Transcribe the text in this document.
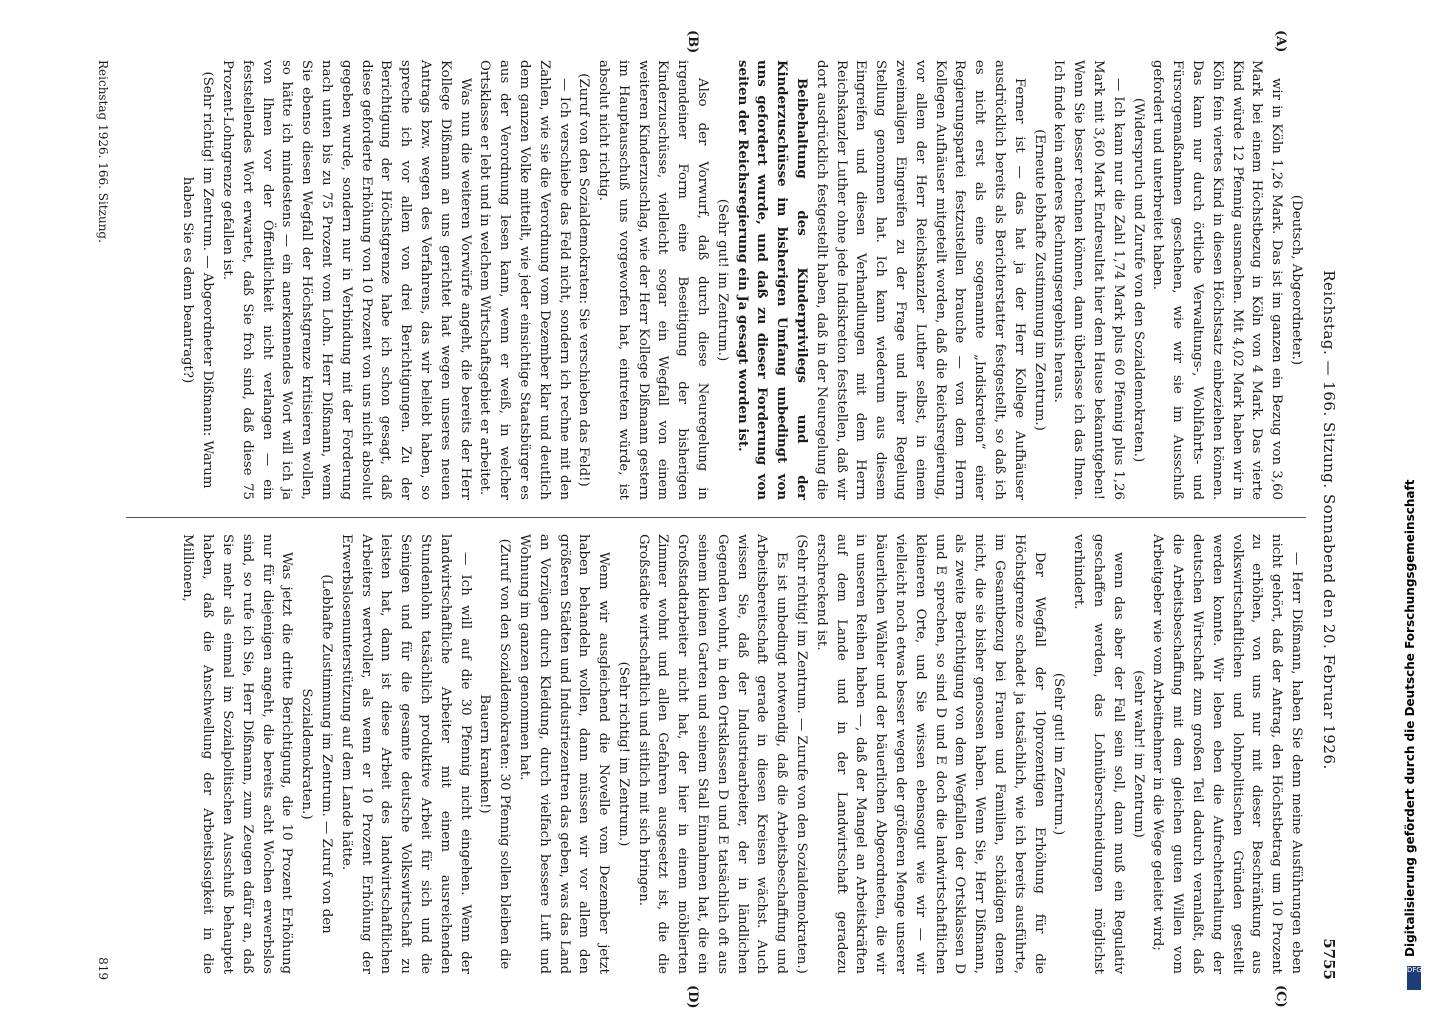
Reichstag. — 166. Sitzung. Sonnabend den 20. Februar 1926.
5755
(A)
(B)
(C)
(D)

(Deutsch, Abgeordneter.)

wir in Köln 1,26 Mark. Das ist im ganzen ein Bezug von 3,60 Mark bei einem Höchstbezug in Köln von 4 Mark. Das vierte Kind würde 12 Pfennig ausmachen. Mit 4,02 Mark haben wir in Köln fein viertes Kind in diesen Höchstsatz einbeziehen können. Das kann nur durch örtliche Verwaltungs-, Wohlfahrts- und Fürsorgemaßnahmen geschehen, wie wir sie im Ausschuß gefordert und unterbreitet haben.

(Widerspruch und Zurufe von den Sozialdemokraten.)

— Ich kann nur die Zahl 1,74 Mark plus 60 Pfennig plus 1,26 Mark mit 3,60 Mark Endresultat hier dem Hause bekanntgeben! Wenn Sie besser rechnen können, dann überlasse ich das Ihnen. Ich finde kein anderes Rechnungsergebnis heraus.

(Erneute lebhafte Zustimmung im Zentrum.)

Ferner ist — das hat ja der Herr Kollege Aufhäuser ausdrücklich bereits als Berichterstatter festgestellt, so daß ich es nicht erst als eine sogenannte „Indiskretion“ einer Regierungspartei festzustellen brauche — von dem Herrn Kollegen Aufhäuser mitgeteilt worden, daß die Reichsregierung, vor allem der Herr Reichskanzler Luther selbst, in einem zweimaligen Eingreifen zu der Frage und ihrer Regelung Stellung genommen hat. Ich kann wiederum aus diesem Eingreifen und diesen Verhandlungen mit dem Herrn Reichskanzler Luther ohne jede Indiskretion feststellen, daß wir dort ausdrücklich festgestellt haben, daß in der Neuregelung die

Beibehaltung des Kinderprivilegs und der Kinderzuschüsse im bisherigen Umfang unbedingt von uns gefordert wurde, und daß zu dieser Forderung von seiten der Reichsregierung ein Ja gesagt worden ist.

(Sehr gut! im Zentrum.)

Also der Vorwurf, daß durch diese Neuregelung in irgendeiner Form eine Beseitigung der bisherigen Kinderzuschüsse, vielleicht sogar ein Wegfall von einem weiteren Kinderzuschlag, wie der Herr Kollege Dißmann gestern im Hauptausschuß uns vorgeworfen hat, eintreten würde, ist absolut nicht richtig.

(Zuruf von den Sozialdemokraten: Sie verschieben das Feld!)

— Ich verschiebe das Feld nicht, sondern ich rechne mit den Zahlen, wie sie die Verordnung vom Dezember klar und deutlich dem ganzen Volke mitteilt, wie jeder einsichtige Staatsbürger es aus der Verordnung lesen kann, wenn er weiß, in welcher Ortsklasse er lebt und in welchem Wirtschaftsgebiet er arbeitet.

Was nun die weiteren Vorwürfe angeht, die bereits der Herr Kollege Dißmann an uns gerichtet hat wegen unseres neuen Antrags bzw. wegen des Verfahrens, das wir beliebt haben, so spreche ich vor allem von drei Berichtigungen. Zu der Berichtigung der Höchstgrenze habe ich schon gesagt, daß diese geforderte Erhöhung von 10 Prozent von uns nicht absolut gegeben wurde, sondern nur in Verbindung mit der Forderung nach unten bis zu 75 Prozent vom Lohn. Herr Dißmann, wenn Sie ebenso diesen Wegfall der Höchstgrenze kritisieren wollen, so hätte ich mindestens — ein anerkennendes Wort will ich ja von Ihnen vor der Öffentlichkeit nicht verlangen — ein feststellendes Wort erwartet, daß Sie froh sind, daß diese 75 Prozent-Lohngrenze gefallen ist.

(Sehr richtig! im Zentrum. — Abgeordneter Dißmann: Warum haben Sie es denn beantragt?)

— Herr Dißmann, haben Sie denn meine Ausführungen eben nicht gehört, daß der Antrag, den Höchstbetrag um 10 Prozent zu erhöhen, von uns nur mit dieser Beschränkung aus volkswirtschaftlichen und lohnpolitischen Gründen gestellt werden konnte. Wir leben eben die Aufrechterhaltung der deutschen Wirtschaft zum großen Teil dadurch veranlaßt, daß die Arbeitsbeschaffung mit dem gleichen guten Willen vom Arbeitgeber wie vom Arbeitnehmer in die Wege geleitet wird;

(sehr wahr! im Zentrum)

wenn das aber der Fall sein soll, dann muß ein Regulativ geschaffen werden, das Lohnüberschneidungen möglichst verhindert.

(Sehr gut! im Zentrum.)

Der Wegfall der 10prozentigen Erhöhung für die Höchstgrenze schadet ja tatsächlich, wie ich bereits ausführte, im Gesamtbezug bei Frauen und Familien, schädigen denen nicht, die sie bisher genossen haben. Wenn Sie, Herr Dißmann, als zweite Berichtigung von dem Wegfallen der Ortsklassen D und E sprechen, so sind D und E doch die landwirtschaftlichen kleineren Orte, und Sie wissen ebensogut wie wir — wir vielleicht noch etwas besser wegen der größeren Menge unserer bäuerlichen Wähler und der bäuerlichen Abgeordneten, die wir in unseren Reihen haben —, daß der Mangel an Arbeitskräften auf dem Lande und in der Landwirtschaft geradezu erschreckend ist.

(Sehr richtig! im Zentrum. — Zurufe von den Sozialdemokraten.)

Es ist unbedingt notwendig, daß die Arbeitsbeschaffung und Arbeitsbereitschaft gerade in diesen Kreisen wächst. Auch wissen Sie, daß der Industriearbeiter, der in ländlichen Gegenden wohnt, in den Ortsklassen D und E tatsächlich oft aus seinem kleinen Garten und seinem Stall Einnahmen hat, die ein Großstadtarbeiter nicht hat, der hier in einem möblierten Zimmer wohnt und allen Gefahren ausgesetzt ist, die die Großstädte wirtschaftlich und sittlich mit sich bringen.

(Sehr richtig! im Zentrum.)

Wenn wir ausgleichend die Novelle vom Dezember jetzt haben behandeln wollen, dann müssen wir vor allem den größeren Städten und Industriezentren das geben, was das Land an Vorzügen durch Kleidung, durch vielfach bessere Luft und Wohnung im ganzen genommen hat.

(Zuruf von den Sozialdemokraten: 30 Pfennig sollen bleiben die Bauern kranken!)

— Ich will auf die 30 Pfennig nicht eingehen. Wenn der landwirtschaftliche Arbeiter mit einem ausreichenden Stundenlohn tatsächlich produktive Arbeit für sich und die Seinigen und für die gesamte deutsche Volkswirtschaft zu leisten hat, dann ist diese Arbeit des landwirtschaftlichen Arbeiters wertvoller, als wenn er 10 Prozent Erhöhung der Erwerbslosenunterstützung auf dem Lande hätte.

(Lebhafte Zustimmung im Zentrum. — Zuruf von den Sozialdemokraten.)

Was jetzt die dritte Berichtigung, die 10 Prozent Erhöhung nur für diejenigen angeht, die bereits acht Wochen erwerbslos sind, so rufe ich Sie, Herr Dißmann, zum Zeugen dafür an, daß Sie mehr als einmal im Sozialpolitischen Ausschuß behauptet haben, daß die Anschwellung der Arbeitslosigkeit in die Millionen,

Reichstag 1926. 166. Sitzung.
819
Digitalisierung gefördert durch die Deutsche Forschungsgemeinschaft
DFG
